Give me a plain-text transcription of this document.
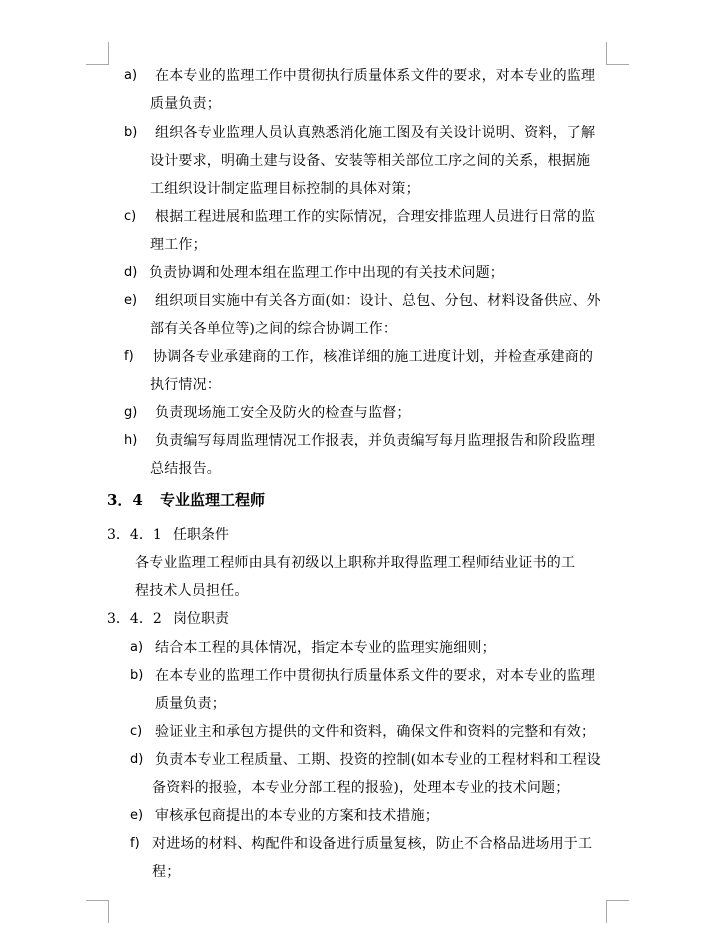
a) 在本专业的监理工作中贯彻执行质量体系文件的要求，对本专业的监理
质量负责；
b) 组织各专业监理人员认真熟悉消化施工图及有关设计说明、资料，了解
设计要求，明确土建与设备、安装等相关部位工序之间的关系，根据施
工组织设计制定监理目标控制的具体对策；
c) 根据工程进展和监理工作的实际情况，合理安排监理人员进行日常的监
理工作；
d) 负责协调和处理本组在监理工作中出现的有关技术问题；
e) 组织项目实施中有关各方面(如：设计、总包、分包、材料设备供应、外
部有关各单位等)之间的综合协调工作：
f) 协调各专业承建商的工作，核准详细的施工进度计划，并检查承建商的
执行情况：
g) 负责现场施工安全及防火的检查与监督；
h) 负责编写每周监理情况工作报表，并负责编写每月监理报告和阶段监理
总结报告。
3．4 专业监理工程师
3．4．1 任职条件
各专业监理工程师由具有初级以上职称并取得监理工程师结业证书的工
程技术人员担任。
3．4．2 岗位职责
a) 结合本工程的具体情况，指定本专业的监理实施细则；
b) 在本专业的监理工作中贯彻执行质量体系文件的要求，对本专业的监理
质量负责；
c) 验证业主和承包方提供的文件和资料，确保文件和资料的完整和有效；
d) 负责本专业工程质量、工期、投资的控制(如本专业的工程材料和工程设
备资料的报验，本专业分部工程的报验)，处理本专业的技术问题；
e) 审核承包商提出的本专业的方案和技术措施；
f) 对进场的材料、构配件和设备进行质量复核，防止不合格品进场用于工
程；
